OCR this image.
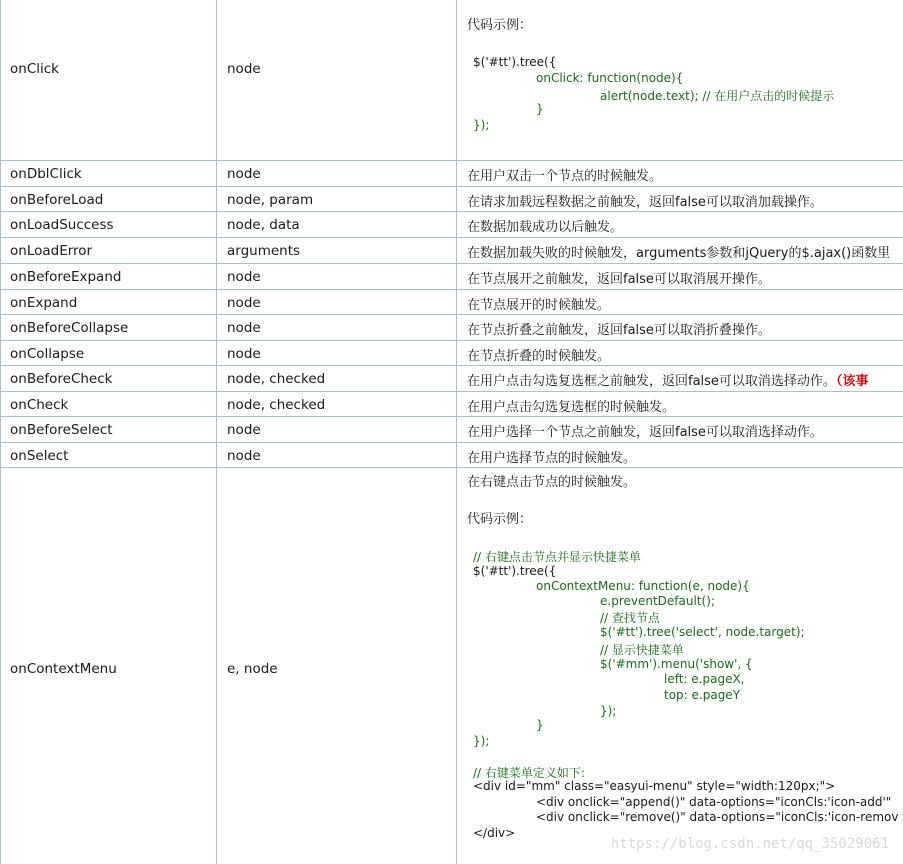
onClick	node
代码示例：
$('#tt').tree({
onClick: function(node){
alert(node.text); // 在用户点击的时候提示
}
});
onDblClick	node	在用户双击一个节点的时候触发。
onBeforeLoad	node, param	在请求加载远程数据之前触发，返回false可以取消加载操作。
onLoadSuccess	node, data	在数据加载成功以后触发。
onLoadError	arguments	在数据加载失败的时候触发，arguments参数和jQuery的$.ajax()函数里
onBeforeExpand	node	在节点展开之前触发，返回false可以取消展开操作。
onExpand	node	在节点展开的时候触发。
onBeforeCollapse	node	在节点折叠之前触发，返回false可以取消折叠操作。
onCollapse	node	在节点折叠的时候触发。
onBeforeCheck	node, checked	在用户点击勾选复选框之前触发，返回false可以取消选择动作。（该事
onCheck	node, checked	在用户点击勾选复选框的时候触发。
onBeforeSelect	node	在用户选择一个节点之前触发，返回false可以取消选择动作。
onSelect	node	在用户选择节点的时候触发。
onContextMenu	e, node
在右键点击节点的时候触发。
代码示例：
// 右键点击节点并显示快捷菜单
$('#tt').tree({
onContextMenu: function(e, node){
e.preventDefault();
// 查找节点
$('#tt').tree('select', node.target);
// 显示快捷菜单
$('#mm').menu('show', {
left: e.pageX,
top: e.pageY
});
}
});
// 右键菜单定义如下:
<div id="mm" class="easyui-menu" style="width:120px;">
<div onclick="append()" data-options="iconCls:'icon-add'"
<div onclick="remove()" data-options="iconCls:'icon-remov
</div>
https://blog.csdn.net/qq_35029061
